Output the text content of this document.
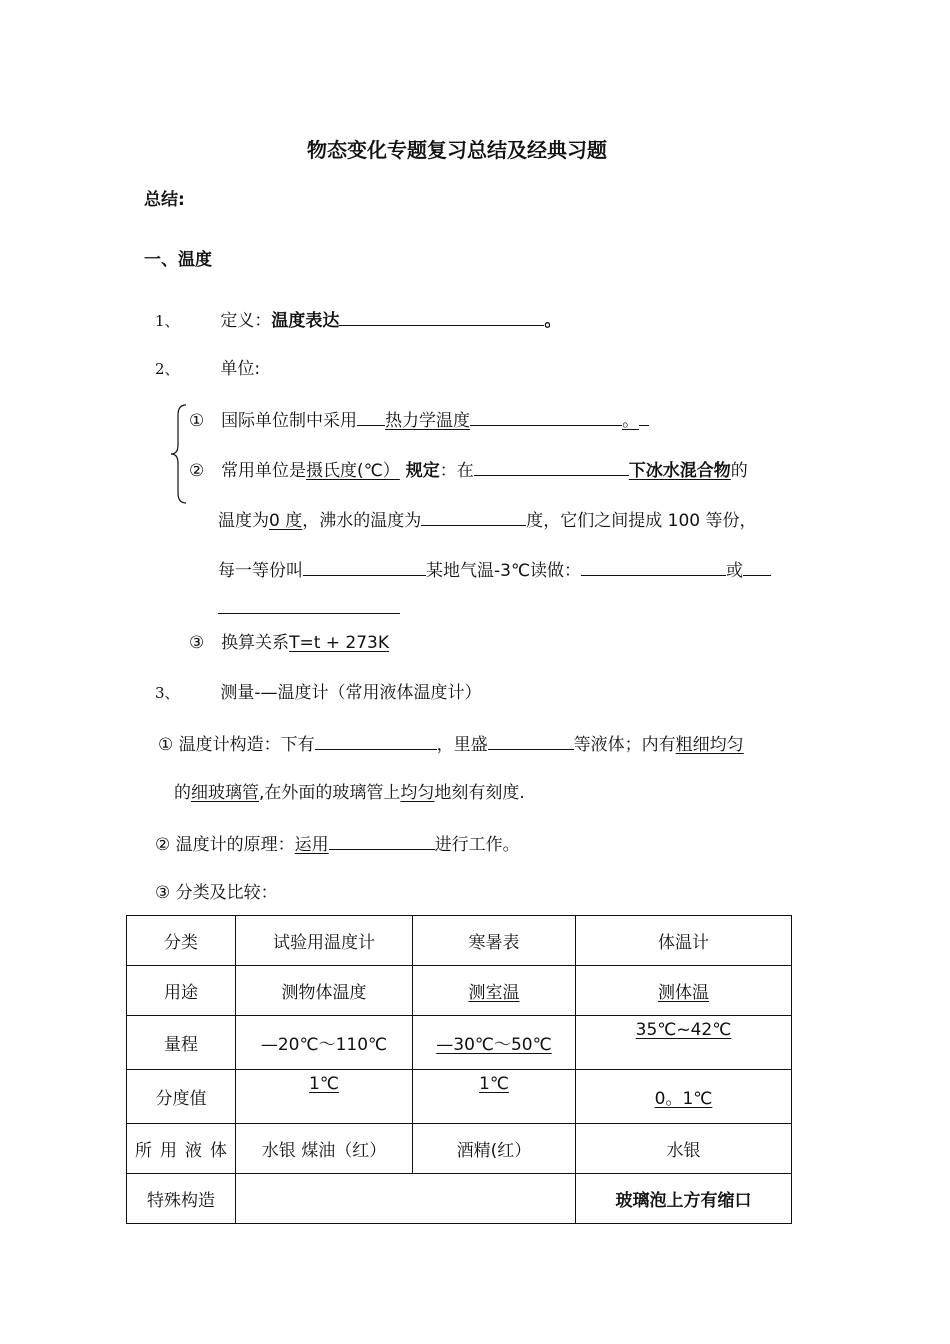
物态变化专题复习总结及经典习题
总结:
一、温度
1、 定义：温度表达	。
2、 单位:
① 国际单位制中采用 热力学温度	。
② 常用单位是摄氏度(℃） 规定：在	下冰水混合物的
温度为0 度，沸水的温度为	度，它们之间提成 100 等份，
每一等份叫	某地气温-3℃读做：	或
③ 换算关系T=t + 273K
3、 测量-—温度计（常用液体温度计）
① 温度计构造：下有	，里盛	等液体；内有粗细均匀
的细玻璃管,在外面的玻璃管上均匀地刻有刻度.
② 温度计的原理：运用	进行工作。
③ 分类及比较：
分类	试验用温度计	寒暑表	体温计
用途	测物体温度	测室温	测体温
量程	—20℃～110℃	—30℃～50℃	35℃~42℃
分度值	1℃	1℃	0。1℃
所用液体	水银 煤油（红）	酒精(红）	水银
特殊构造			玻璃泡上方有缩口
